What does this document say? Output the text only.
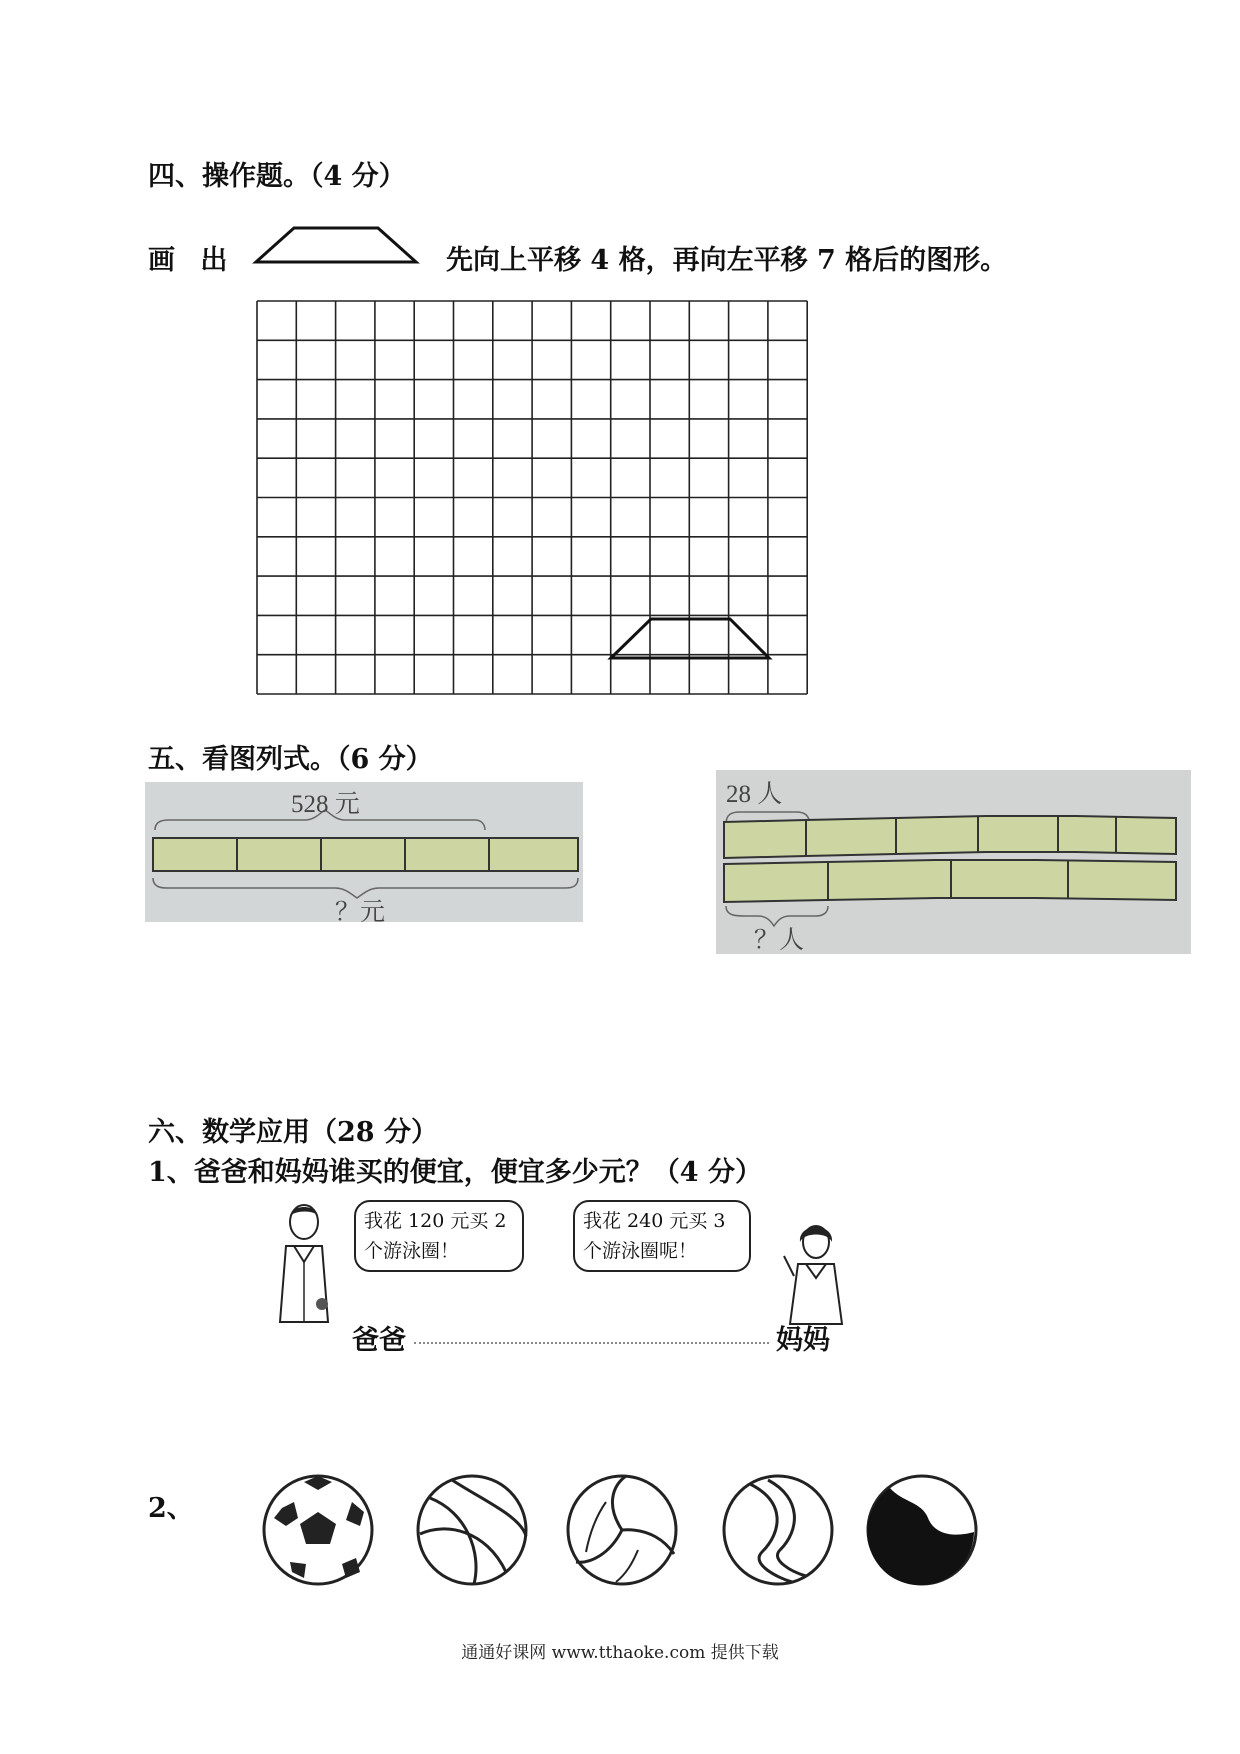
四、操作题。（4 分）
画 出	先向上平移 4 格，再向左平移 7 格后的图形。
五、看图列式。（6 分）
528 元
？元
28 人
？人
六、数学应用（28 分）
1、爸爸和妈妈谁买的便宜，便宜多少元？（4 分）
我花 120 元买 2 个游泳圈！
我花 240 元买 3 个游泳圈呢！
爸爸	妈妈
2、
通通好课网 www.tthaoke.com 提供下载
